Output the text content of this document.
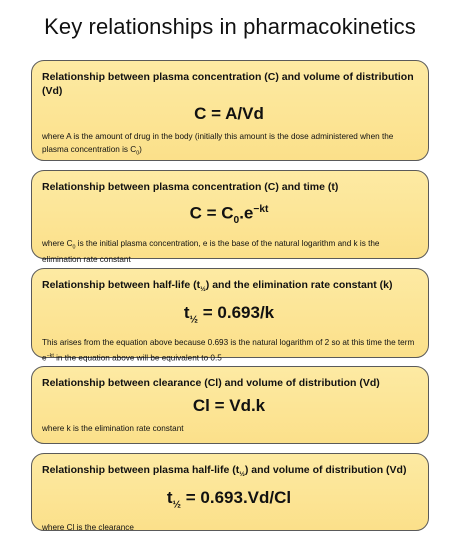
Key relationships in pharmacokinetics
Relationship between plasma concentration (C) and volume of distribution (Vd)
C = A/Vd
where A is the amount of drug in the body (initially this amount is the dose administered when the plasma concentration is $C_0$)
Relationship between plasma concentration (C) and time (t)
$C = C_0.e^{-kt}$
where $C_0$ is the initial plasma concentration, e is the base of the natural logarithm and k is the elimination rate constant
Relationship between half-life $(t_{\frac{1}{2}})$ and the elimination rate constant (k)
$t_{\frac{1}{2}} = 0.693/k$
This arises from the equation above because 0.693 is the natural logarithm of 2 so at this time the term $e^{-kt}$ in the equation above will be equivalent to 0.5
Relationship between clearance (Cl) and volume of distribution (Vd)
Cl = Vd.k
where k is the elimination rate constant
Relationship between plasma half-life $(t_{\frac{1}{2}})$ and volume of distribution (Vd)
$t_{\frac{1}{2}} = 0.693.Vd/Cl$
where Cl is the clearance
